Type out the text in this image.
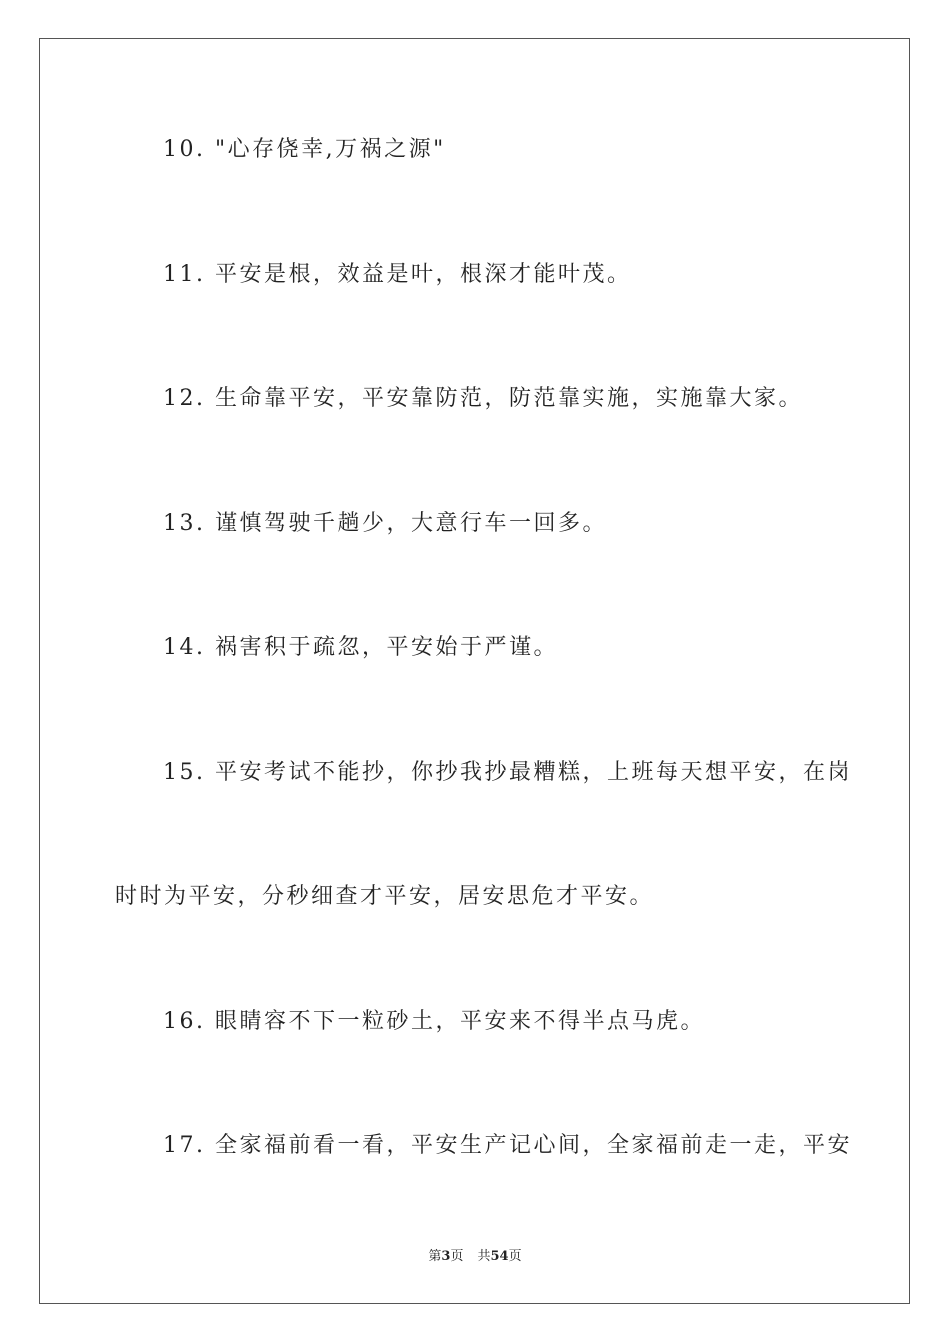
10. "心存侥幸,万祸之源"
11. 平安是根，效益是叶，根深才能叶茂。
12. 生命靠平安，平安靠防范，防范靠实施，实施靠大家。
13. 谨慎驾驶千趟少，大意行车一回多。
14. 祸害积于疏忽，平安始于严谨。
15. 平安考试不能抄，你抄我抄最糟糕，上班每天想平安，在岗
时时为平安，分秒细查才平安，居安思危才平安。
16. 眼睛容不下一粒砂土，平安来不得半点马虎。
17. 全家福前看一看，平安生产记心间，全家福前走一走，平安
第3页 共54页
